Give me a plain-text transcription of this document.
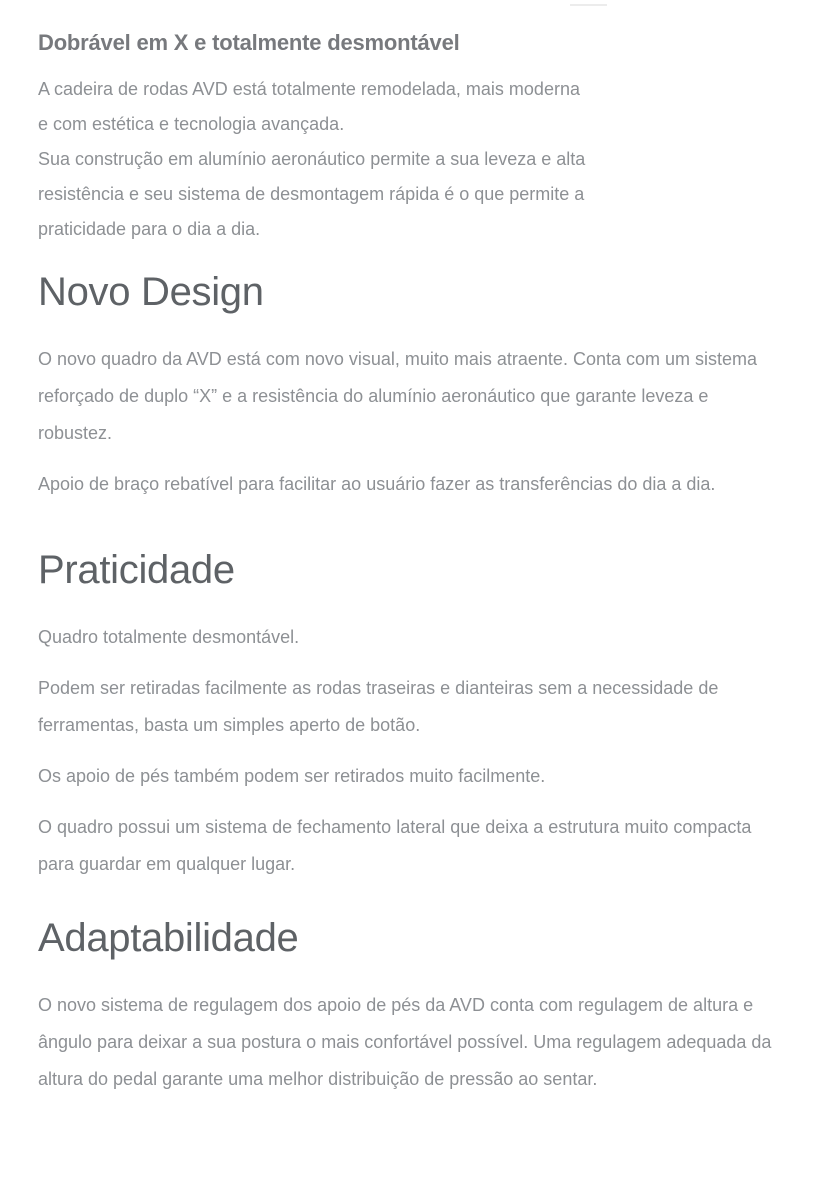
Dobrável em X e totalmente desmontável

A cadeira de rodas AVD está totalmente remodelada, mais moderna e com estética e tecnologia avançada.

Sua construção em alumínio aeronáutico permite a sua leveza e alta resistência e seu sistema de desmontagem rápida é o que permite a praticidade para o dia a dia.

Novo Design

O novo quadro da AVD está com novo visual, muito mais atraente. Conta com um sistema reforçado de duplo “X” e a resistência do alumínio aeronáutico que garante leveza e robustez.

Apoio de braço rebatível para facilitar ao usuário fazer as transferências do dia a dia.

Praticidade

Quadro totalmente desmontável.

Podem ser retiradas facilmente as rodas traseiras e dianteiras sem a necessidade de ferramentas, basta um simples aperto de botão.

Os apoio de pés também podem ser retirados muito facilmente.

O quadro possui um sistema de fechamento lateral que deixa a estrutura muito compacta para guardar em qualquer lugar.

Adaptabilidade

O novo sistema de regulagem dos apoio de pés da AVD conta com regulagem de altura e ângulo para deixar a sua postura o mais confortável possível. Uma regulagem adequada da altura do pedal garante uma melhor distribuição de pressão ao sentar.
